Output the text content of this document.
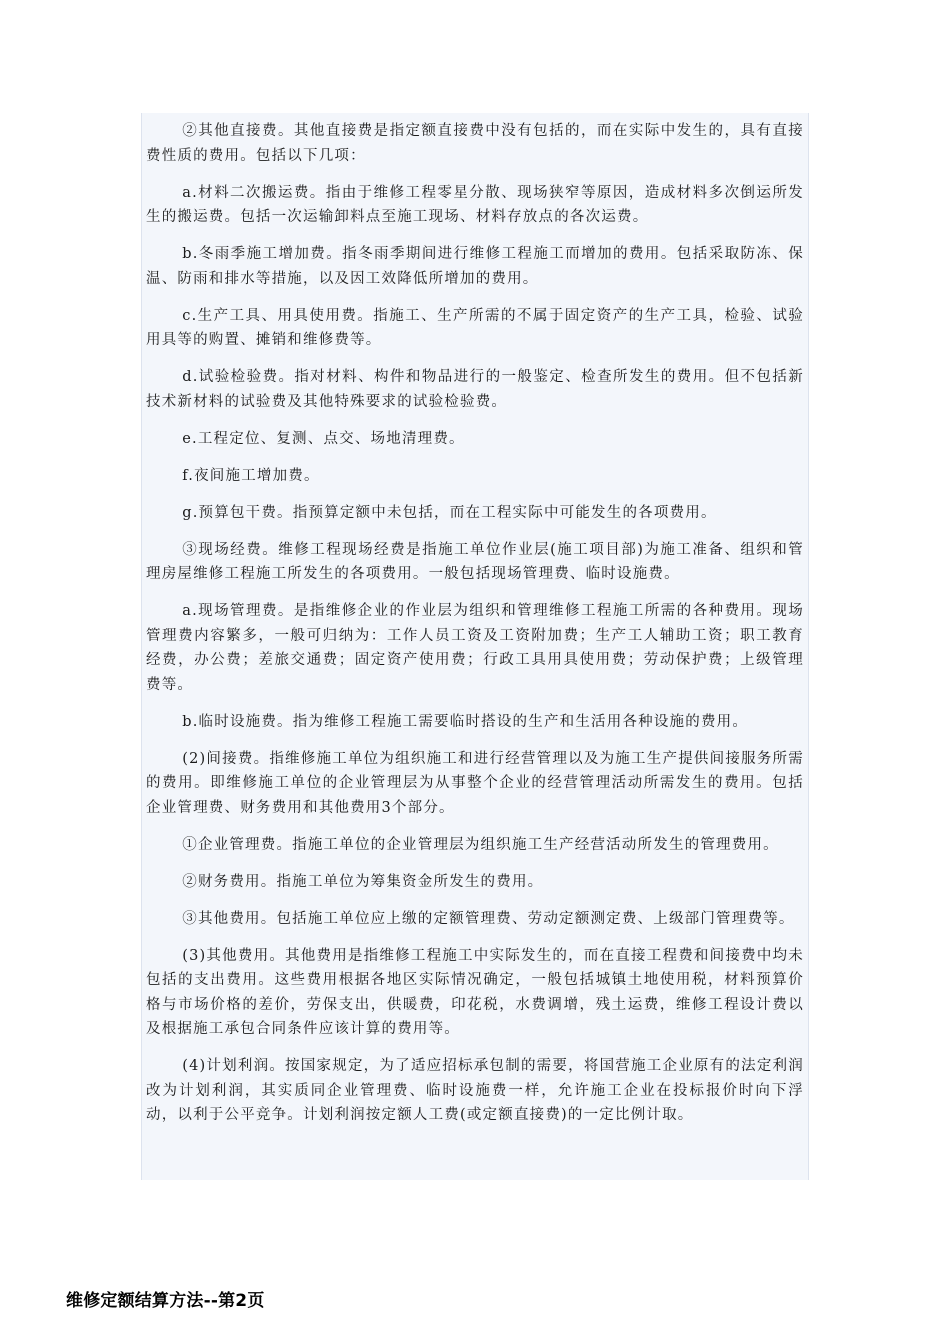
②其他直接费。其他直接费是指定额直接费中没有包括的，而在实际中发生的，具有直接费性质的费用。包括以下几项：

a.材料二次搬运费。指由于维修工程零星分散、现场狭窄等原因，造成材料多次倒运所发生的搬运费。包括一次运输卸料点至施工现场、材料存放点的各次运费。

b.冬雨季施工增加费。指冬雨季期间进行维修工程施工而增加的费用。包括采取防冻、保温、防雨和排水等措施，以及因工效降低所增加的费用。

c.生产工具、用具使用费。指施工、生产所需的不属于固定资产的生产工具，检验、试验用具等的购置、摊销和维修费等。

d.试验检验费。指对材料、构件和物品进行的一般鉴定、检查所发生的费用。但不包括新技术新材料的试验费及其他特殊要求的试验检验费。

e.工程定位、复测、点交、场地清理费。

f.夜间施工增加费。

g.预算包干费。指预算定额中未包括，而在工程实际中可能发生的各项费用。

③现场经费。维修工程现场经费是指施工单位作业层(施工项目部)为施工准备、组织和管理房屋维修工程施工所发生的各项费用。一般包括现场管理费、临时设施费。

a.现场管理费。是指维修企业的作业层为组织和管理维修工程施工所需的各种费用。现场管理费内容繁多，一般可归纳为：工作人员工资及工资附加费；生产工人辅助工资；职工教育经费，办公费；差旅交通费；固定资产使用费；行政工具用具使用费；劳动保护费；上级管理费等。

b.临时设施费。指为维修工程施工需要临时搭设的生产和生活用各种设施的费用。

(2)间接费。指维修施工单位为组织施工和进行经营管理以及为施工生产提供间接服务所需的费用。即维修施工单位的企业管理层为从事整个企业的经营管理活动所需发生的费用。包括企业管理费、财务费用和其他费用3个部分。

①企业管理费。指施工单位的企业管理层为组织施工生产经营活动所发生的管理费用。

②财务费用。指施工单位为筹集资金所发生的费用。

③其他费用。包括施工单位应上缴的定额管理费、劳动定额测定费、上级部门管理费等。

(3)其他费用。其他费用是指维修工程施工中实际发生的，而在直接工程费和间接费中均未包括的支出费用。这些费用根据各地区实际情况确定，一般包括城镇土地使用税，材料预算价格与市场价格的差价，劳保支出，供暖费，印花税，水费调增，残土运费，维修工程设计费以及根据施工承包合同条件应该计算的费用等。

(4)计划利润。按国家规定，为了适应招标承包制的需要，将国营施工企业原有的法定利润改为计划利润，其实质同企业管理费、临时设施费一样，允许施工企业在投标报价时向下浮动，以利于公平竞争。计划利润按定额人工费(或定额直接费)的一定比例计取。

维修定额结算方法--第2页
